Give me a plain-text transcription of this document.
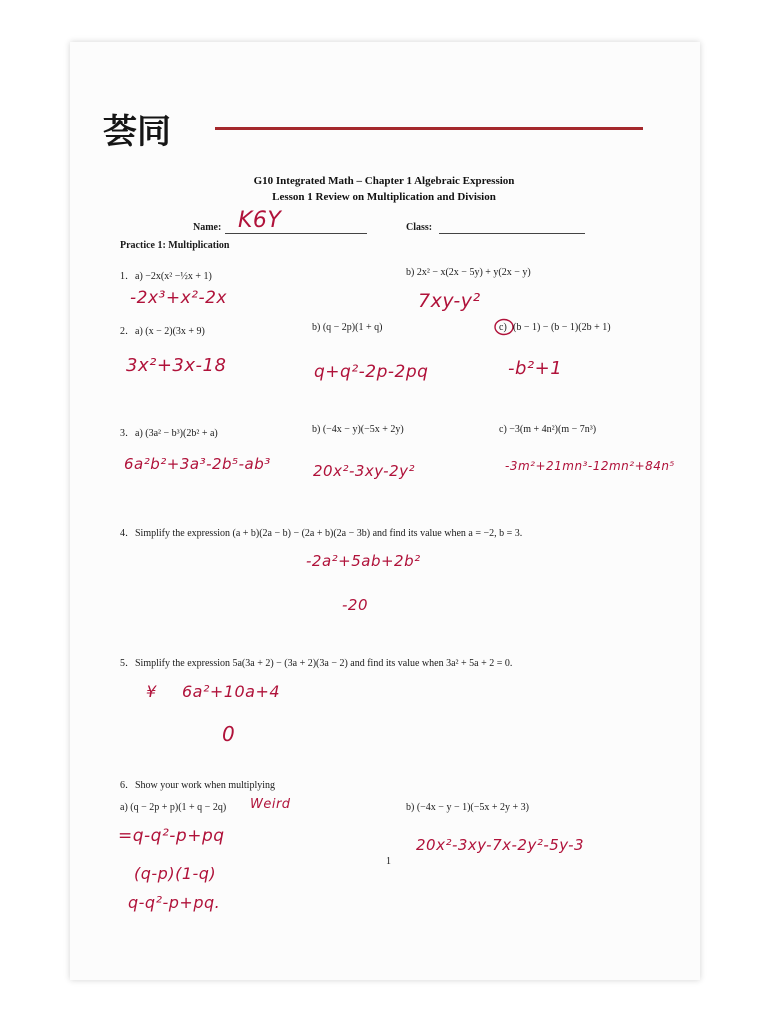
荟同
G10 Integrated Math – Chapter 1 Algebraic Expression
Lesson 1 Review on Multiplication and Division
Name: K6Y	Class:
Practice 1: Multiplication
1．a) −2x(x² −½x + 1)
-2x³+x²-2x
b) 2x² − x(2x − 5y) + y(2x − y)
7xy-y²
2．a) (x − 2)(3x + 9)
3x²+3x-18
b) (q − 2p)(1 + q)
q+q²-2p-2pq
c) (b − 1) − (b − 1)(2b + 1)
-b²+1
3．a) (3a² − b³)(2b² + a)
6a²b²+3a³-2b⁵-ab³
b) (−4x − y)(−5x + 2y)
20x²-3xy-2y²
c) −3(m + 4n²)(m − 7n³)
-3m²+21mn³-12mn²+84n⁵
4．Simplify the expression (a + b)(2a − b) − (2a + b)(2a − 3b) and find its value when a = −2, b = 3.
-2a²+5ab+2b²
-20
5．Simplify the expression 5a(3a + 2) − (3a + 2)(3a − 2) and find its value when 3a² + 5a + 2 = 0.
¥ 6a²+10a+4
0
6．Show your work when multiplying
a) (q − 2p + p)(1 + q − 2q) Weird
=q-q²-p+pq
(q-p)(1-q)
q-q²-p+pq.
b) (−4x − y − 1)(−5x + 2y + 3)
20x²-3xy-7x-2y²-5y-3
1
